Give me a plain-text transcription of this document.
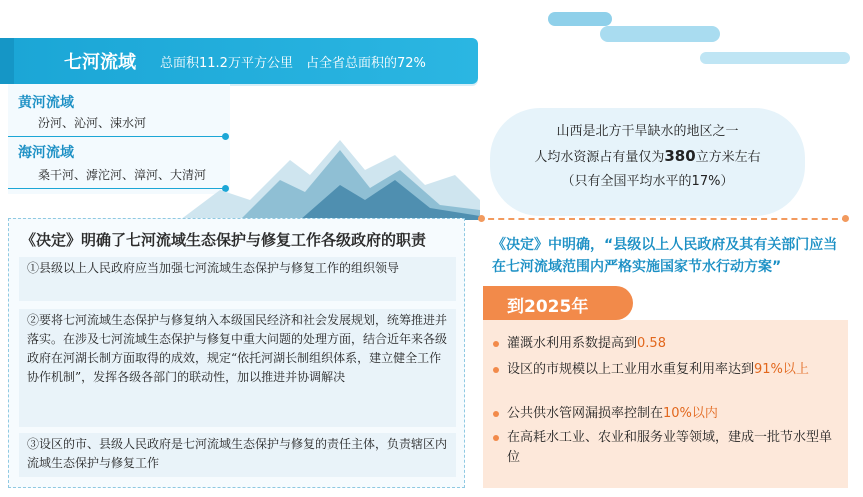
七河流域 总面积11.2万平方公里　占全省总面积的72%
黄河流域
汾河、沁河、涑水河
海河流域
桑干河、滹沱河、漳河、大清河
山西是北方干旱缺水的地区之一
人均水资源占有量仅为380立方米左右
（只有全国平均水平的17%）
《决定》明确了七河流域生态保护与修复工作各级政府的职责
①县级以上人民政府应当加强七河流域生态保护与修复工作的组织领导
②要将七河流域生态保护与修复纳入本级国民经济和社会发展规划，统筹推进并落实。在涉及七河流域生态保护与修复中重大问题的处理方面，结合近年来各级政府在河湖长制方面取得的成效，规定“依托河湖长制组织体系，建立健全工作协作机制”，发挥各级各部门的联动性，加以推进并协调解决
③设区的市、县级人民政府是七河流域生态保护与修复的责任主体，负责辖区内流域生态保护与修复工作
《决定》中明确，“县级以上人民政府及其有关部门应当在七河流域范围内严格实施国家节水行动方案”
到2025年
灌溉水利用系数提高到0.58
设区的市规模以上工业用水重复利用率达到91%以上
公共供水管网漏损率控制在10%以内
在高耗水工业、农业和服务业等领域，建成一批节水型单位
